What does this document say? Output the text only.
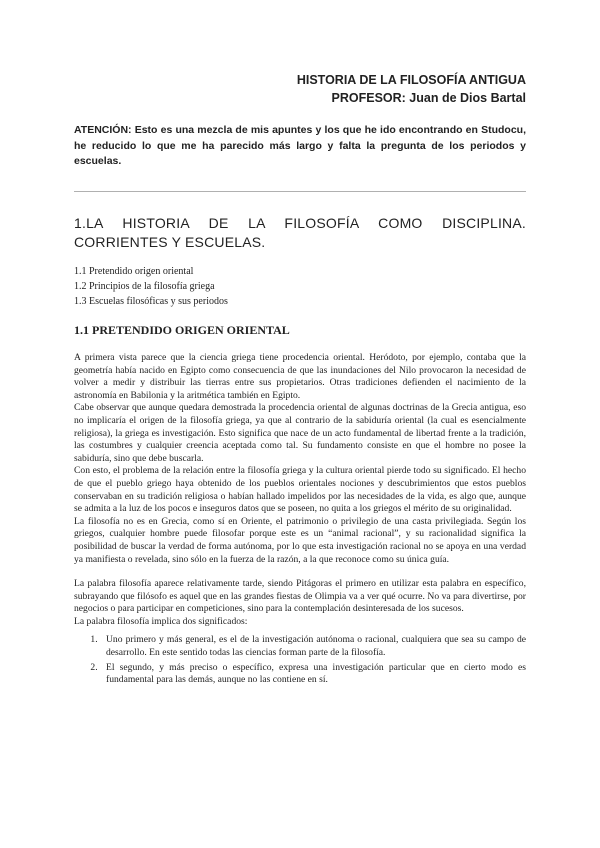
HISTORIA DE LA FILOSOFÍA ANTIGUA
PROFESOR: Juan de Dios Bartal
ATENCIÓN: Esto es una mezcla de mis apuntes y los que he ido encontrando en Studocu, he reducido lo que me ha parecido más largo y falta la pregunta de los periodos y escuelas.
1.LA HISTORIA DE LA FILOSOFÍA COMO DISCIPLINA. CORRIENTES Y ESCUELAS.
1.1 Pretendido origen oriental
1.2 Principios de la filosofía griega
1.3 Escuelas filosóficas y sus periodos
1.1 PRETENDIDO ORIGEN ORIENTAL

A primera vista parece que la ciencia griega tiene procedencia oriental. Heródoto, por ejemplo, contaba que la geometría había nacido en Egipto como consecuencia de que las inundaciones del Nilo provocaron la necesidad de volver a medir y distribuir las tierras entre sus propietarios. Otras tradiciones defienden el nacimiento de la astronomía en Babilonia y la aritmética también en Egipto.

Cabe observar que aunque quedara demostrada la procedencia oriental de algunas doctrinas de la Grecia antigua, eso no implicaría el origen de la filosofía griega, ya que al contrario de la sabiduría oriental (la cual es esencialmente religiosa), la griega es investigación. Esto significa que nace de un acto fundamental de libertad frente a la tradición, las costumbres y cualquier creencia aceptada como tal. Su fundamento consiste en que el hombre no posee la sabiduría, sino que debe buscarla.

Con esto, el problema de la relación entre la filosofía griega y la cultura oriental pierde todo su significado. El hecho de que el pueblo griego haya obtenido de los pueblos orientales nociones y descubrimientos que estos pueblos conservaban en su tradición religiosa o habían hallado impelidos por las necesidades de la vida, es algo que, aunque se admita a la luz de los pocos e inseguros datos que se poseen, no quita a los griegos el mérito de su originalidad.

La filosofía no es en Grecia, como sí en Oriente, el patrimonio o privilegio de una casta privilegiada. Según los griegos, cualquier hombre puede filosofar porque este es un “animal racional”, y su racionalidad significa la posibilidad de buscar la verdad de forma autónoma, por lo que esta investigación racional no se apoya en una verdad ya manifiesta o revelada, sino sólo en la fuerza de la razón, a la que reconoce como su única guía.

La palabra filosofía aparece relativamente tarde, siendo Pitágoras el primero en utilizar esta palabra en específico, subrayando que filósofo es aquel que en las grandes fiestas de Olimpia va a ver qué ocurre. No va para divertirse, por negocios o para participar en competiciones, sino para la contemplación desinteresada de los sucesos.

La palabra filosofía implica dos significados:

1. Uno primero y más general, es el de la investigación autónoma o racional, cualquiera que sea su campo de desarrollo. En este sentido todas las ciencias forman parte de la filosofía.
2. El segundo, y más preciso o específico, expresa una investigación particular que en cierto modo es fundamental para las demás, aunque no las contiene en sí.
